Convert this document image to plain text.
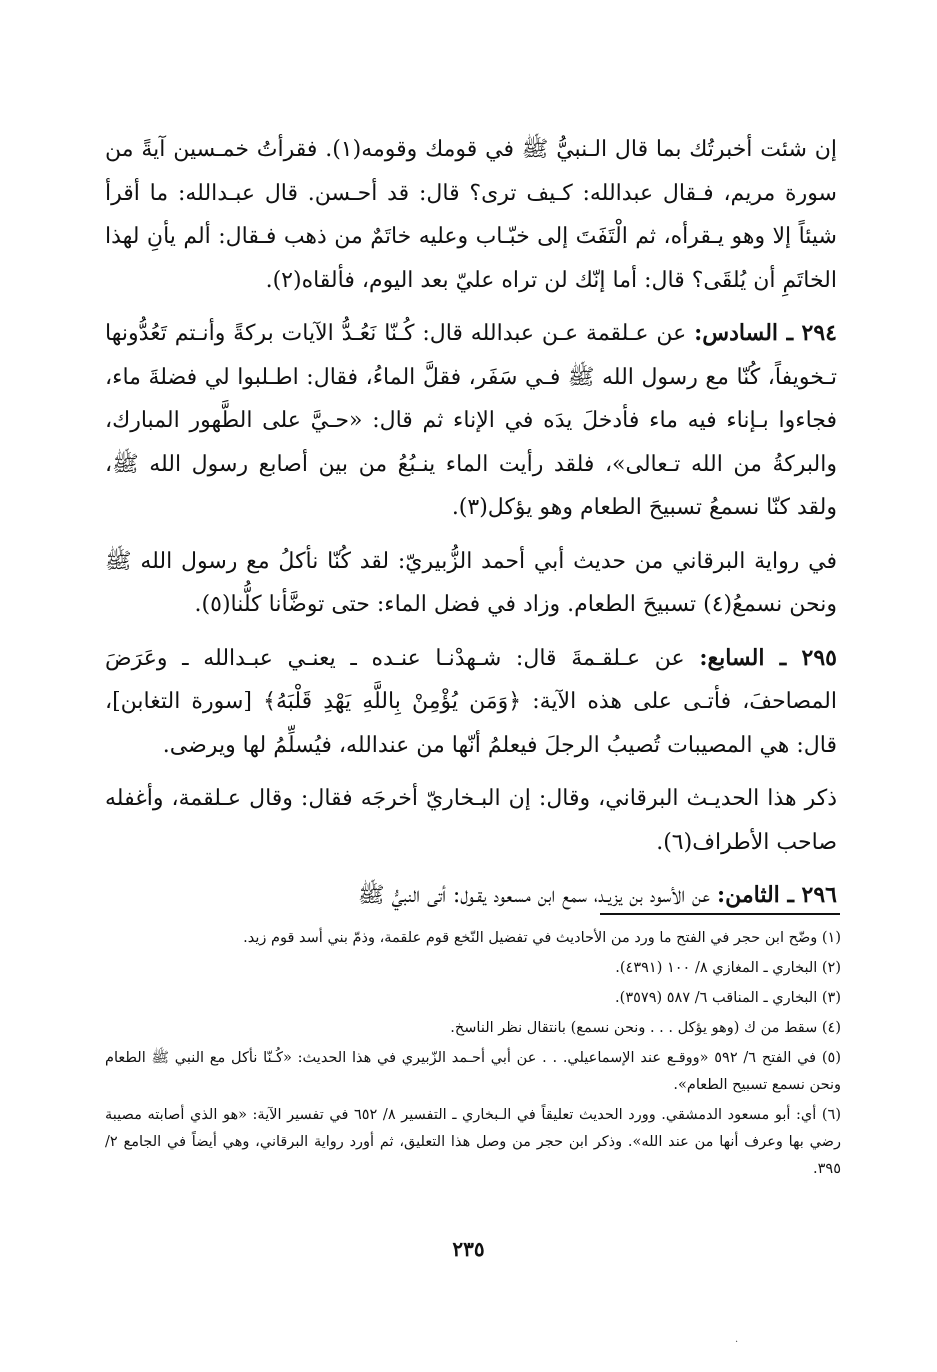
إن شئت أخبرتُك بما قال الـنبيُّ ﷺ في قومك وقومه(١). فقرأتُ خمـسين آيةً من سورة مريم، فـقال عبدالله: كـيف ترى؟ قال: قد أحـسن. قال عبـدالله: ما أقرأ شيئاً إلا وهو يـقرأه، ثم الْتَفَتَ إلى خبّـاب وعليه خاتَمٌ من ذهب فـقال: ألم يأنِ لهذا الخاتَمِ أن يُلقَى؟ قال: أما إنّك لن تراه عليّ بعد اليوم، فألقاه(٢).

٢٩٤ ـ السادس: عن عـلقمة عـن عبدالله قال: كُـنّا نَعُـدُّ الآيات بركةً وأنـتم تَعُدُّونها تـخويفاً، كُنّا مع رسول الله ﷺ فـي سَفَر، فقلَّ الماءُ، فقال: اطـلبوا لي فضلةَ ماء، فجاءوا بـإناء فيه ماء فأدخلَ يدَه في الإناء ثم قال: «حـيَّ على الطَّهور المبارك، والبركةُ من الله تـعالى»، فلقد رأيت الماء ينـبُعُ من بين أصابع رسول الله ﷺ، ولقد كنّا نسمعُ تسبيحَ الطعام وهو يؤكل(٣).

في رواية البرقاني من حديث أبي أحمد الزُّبيريّ: لقد كُنّا نأكلُ مع رسول الله ﷺ ونحن نسمعُ(٤) تسبيحَ الطعام. وزاد في فضل الماء: حتى توضَّأنا كلُّنا(٥).

٢٩٥ ـ السابع: عن عـلقـمةَ قال: شـهدْنـا عنـده ـ يعنـي عبـدالله ـ وعَرَضَ المصاحفَ، فأتـى على هذه الآية: ﴿وَمَن يُؤْمِنْ بِاللَّهِ يَهْدِ قَلْبَهُ﴾ [سورة التغابن]، قال: هي المصيبات تُصيبُ الرجلَ فيعلمُ أنّها من عندالله، فيُسلِّمُ لها ويرضى.

ذكر هذا الحديـث البرقاني، وقال: إن البـخاريّ أخرجَه فقال: وقال عـلقمة، وأغفله صاحب الأطراف(٦).

٢٩٦ ـ الثامن: عن الأسود بن يزيـد، سمع ابن مسعود يقـول: أتى النبيُّ ﷺ

(١) وضّح ابن حجر في الفتح ما ورد من الأحاديث في تفضيل النّخع قوم علقمة، وذمّ بني أسد قوم زيد.

(٢) البخاري ـ المغازي ٨/ ١٠٠ (٤٣٩١).

(٣) البخاري ـ المناقب ٦/ ٥٨٧ (٣٥٧٩).

(٤) سقط من ك (وهو يؤكل . . . ونحن نسمع) بانتقال نظر الناسخ.

(٥) في الفتح ٦/ ٥٩٢ «ووقـع عند الإسماعيلي. . . عن أبي أحـمد الزّبيري في هذا الحديث: «كُـنّا نأكل مع النبي ﷺ الطعام ونحن نسمع تسبيح الطعام».

(٦) أي: أبو مسعود الدمشقي. وورد الحديث تعليقاً في الـبخاري ـ التفسير ٨/ ٦٥٢ في تفسير الآية: «هو الذي أصابته مصيبة رضي بها وعرف أنها من عند الله». وذكر ابن حجر من وصل هذا التعليق، ثم أورد رواية البرقاني، وهي أيضاً في الجامع ٢/ ٣٩٥.

٢٣٥
·
